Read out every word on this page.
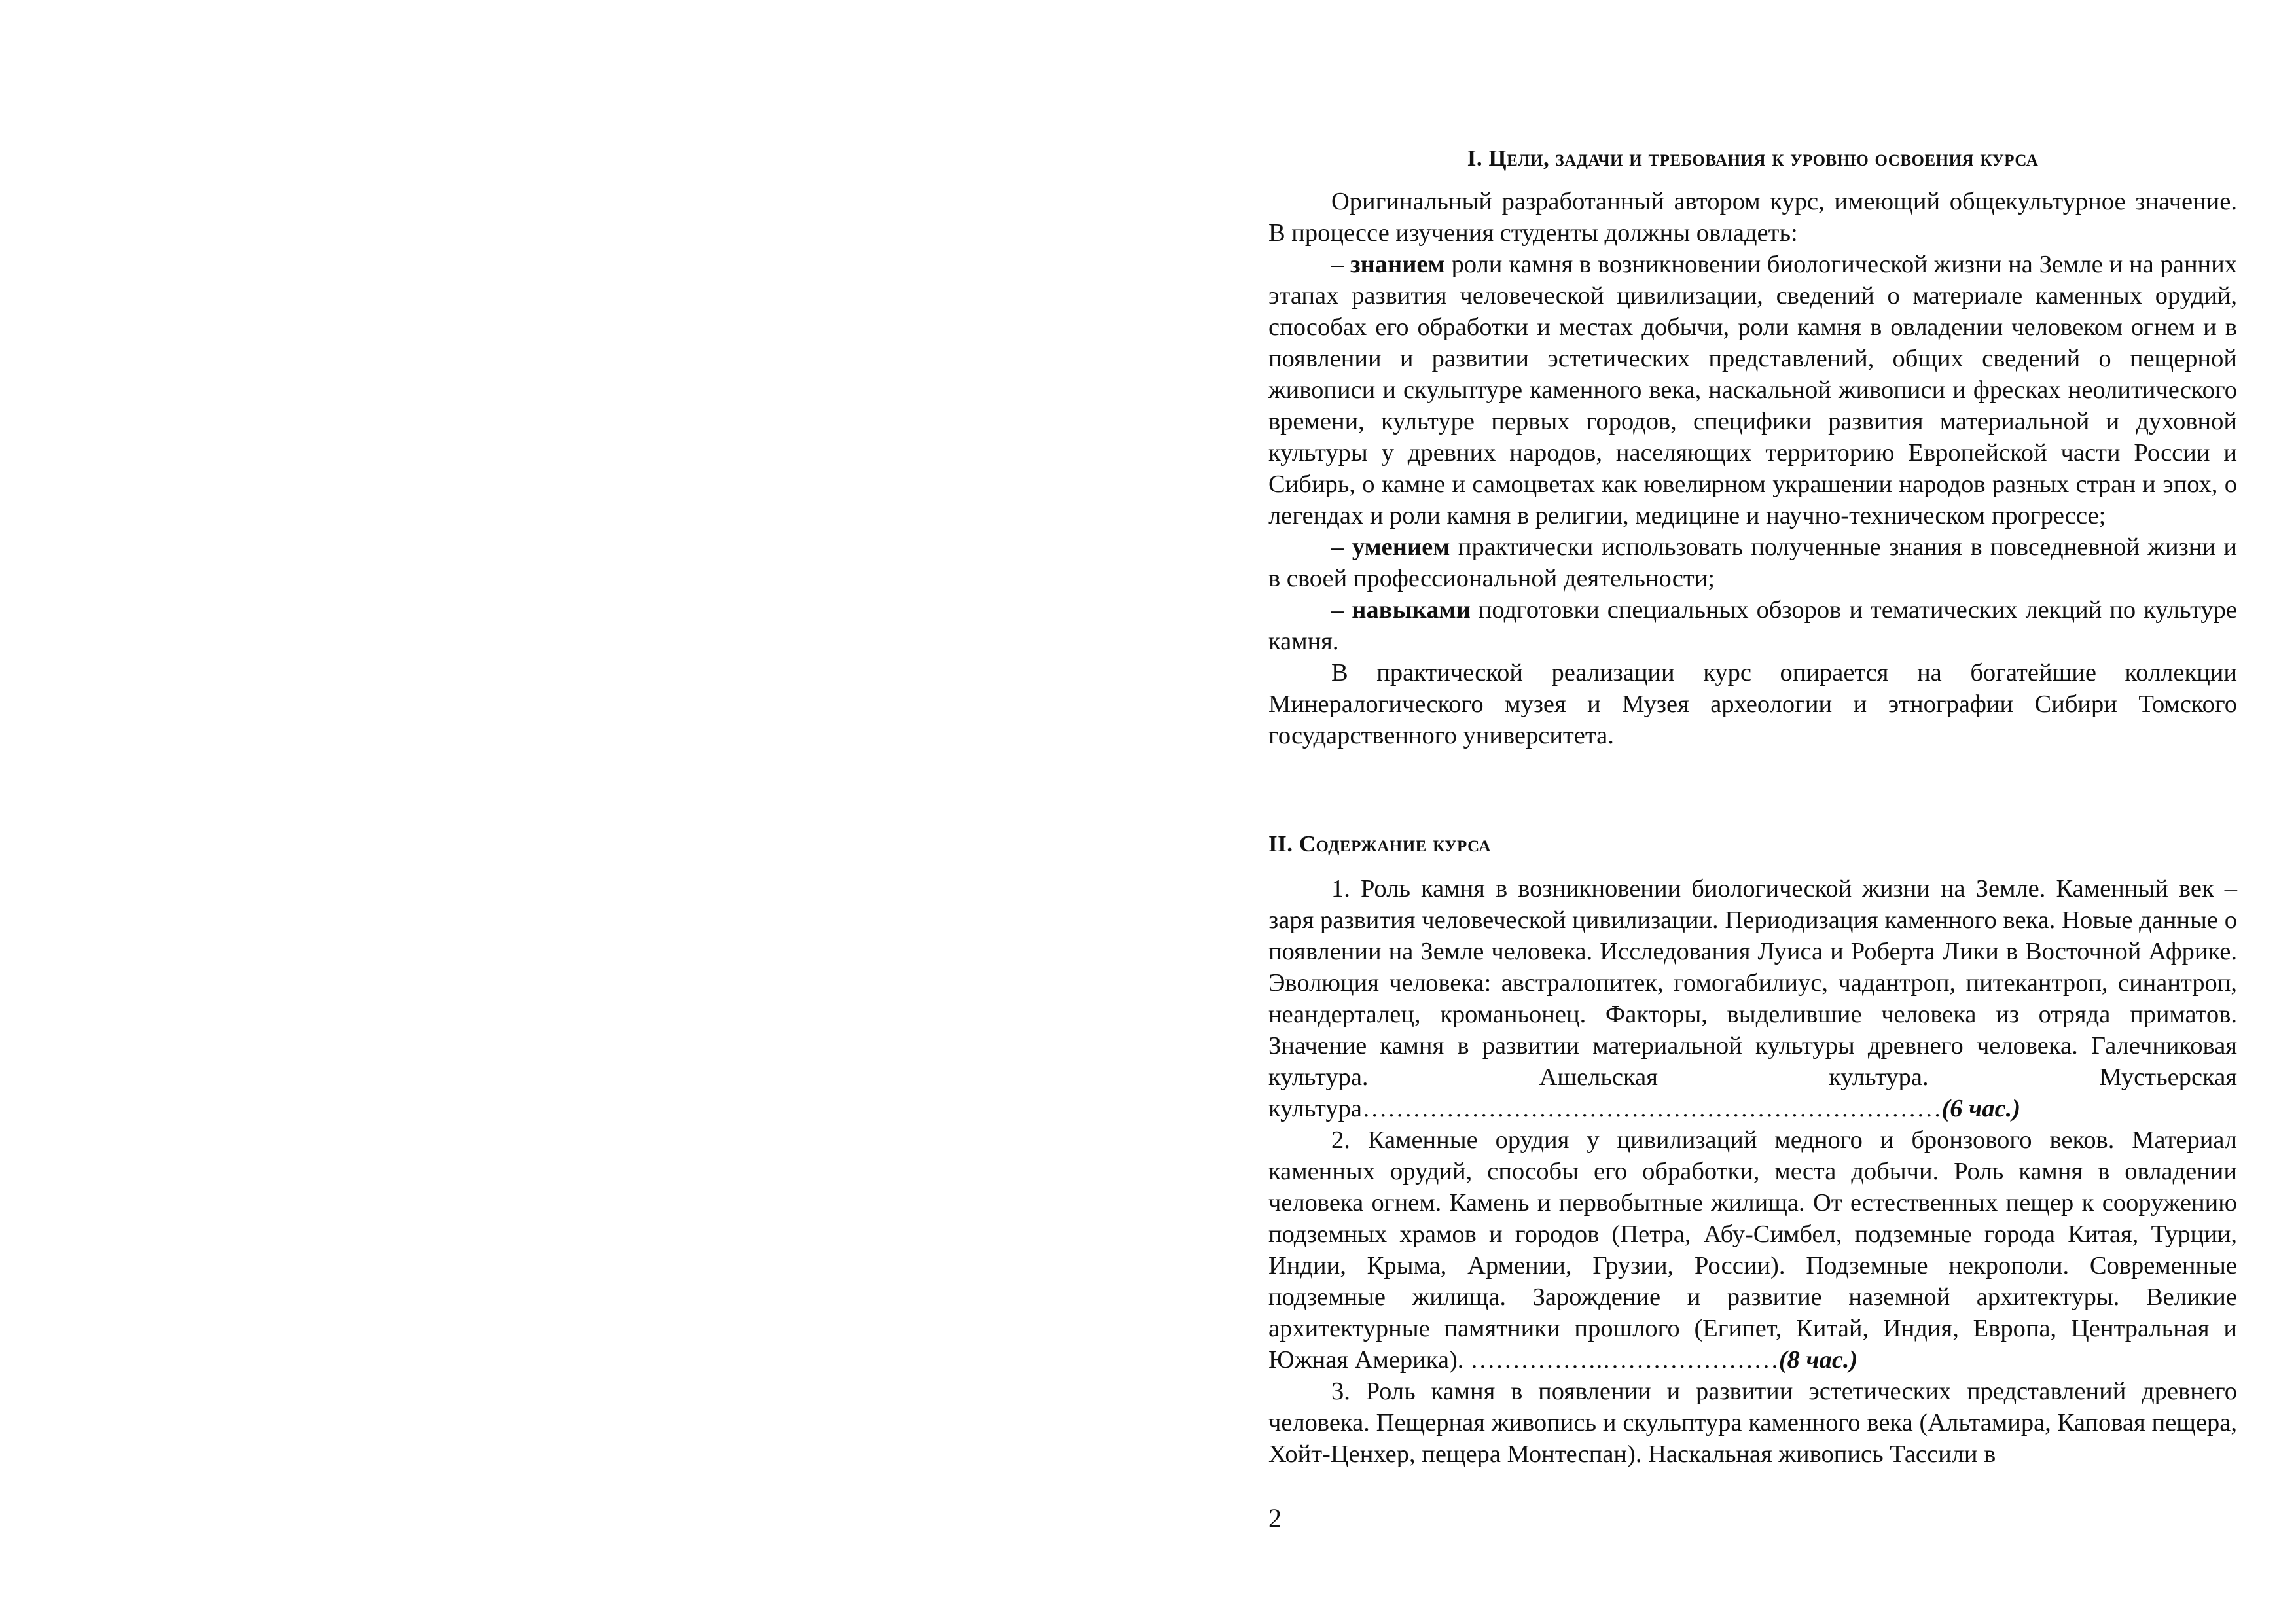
I. Цели, задачи и требования к уровню освоения курса

Оригинальный разработанный автором курс, имеющий общекультурное значение. В процессе изучения студенты должны овладеть:

– знанием роли камня в возникновении биологической жизни на Земле и на ранних этапах развития человеческой цивилизации, сведений о материале каменных орудий, способах его обработки и местах добычи, роли камня в овладении человеком огнем и в появлении и развитии эстетических представлений, общих сведений о пещерной живописи и скульптуре каменного века, наскальной живописи и фресках неолитического времени, культуре первых городов, специфики развития материальной и духовной культуры у древних народов, населяющих территорию Европейской части России и Сибирь, о камне и самоцветах как ювелирном украшении народов разных стран и эпох, о легендах и роли камня в религии, медицине и научно-техническом прогрессе;

– умением практически использовать полученные знания в повседневной жизни и в своей профессиональной деятельности;

– навыками подготовки специальных обзоров и тематических лекций по культуре камня.

В практической реализации курс опирается на богатейшие коллекции Минералогического музея и Музея археологии и этнографии Сибири Томского государственного университета.

II. Содержание курса

1. Роль камня в возникновении биологической жизни на Земле. Каменный век – заря развития человеческой цивилизации. Периодизация каменного века. Новые данные о появлении на Земле человека. Исследования Луиса и Роберта Лики в Восточной Африке. Эволюция человека: австралопитек, гомогабилиус, чадантроп, питекантроп, синантроп, неандерталец, кроманьонец. Факторы, выделившие человека из отряда приматов. Значение камня в развитии материальной культуры древнего человека. Галечниковая культура. Ашельская культура. Мустьерская культура……………………………………………………………(6 час.)

2. Каменные орудия у цивилизаций медного и бронзового веков. Материал каменных орудий, способы его обработки, места добычи. Роль камня в овладении человека огнем. Камень и первобытные жилища. От естественных пещер к сооружению подземных храмов и городов (Петра, Абу-Симбел, подземные города Китая, Турции, Индии, Крыма, Армении, Грузии, России). Подземные некрополи. Современные подземные жилища. Зарождение и развитие наземной архитектуры. Великие архитектурные памятники прошлого (Египет, Китай, Индия, Европа, Центральная и Южная Америка). …………….…………………(8 час.)

3. Роль камня в появлении и развитии эстетических представлений древнего человека. Пещерная живопись и скульптура каменного века (Альтамира, Каповая пещера, Хойт-Ценхер, пещера Монтеспан). Наскальная живопись Тассили в

2
